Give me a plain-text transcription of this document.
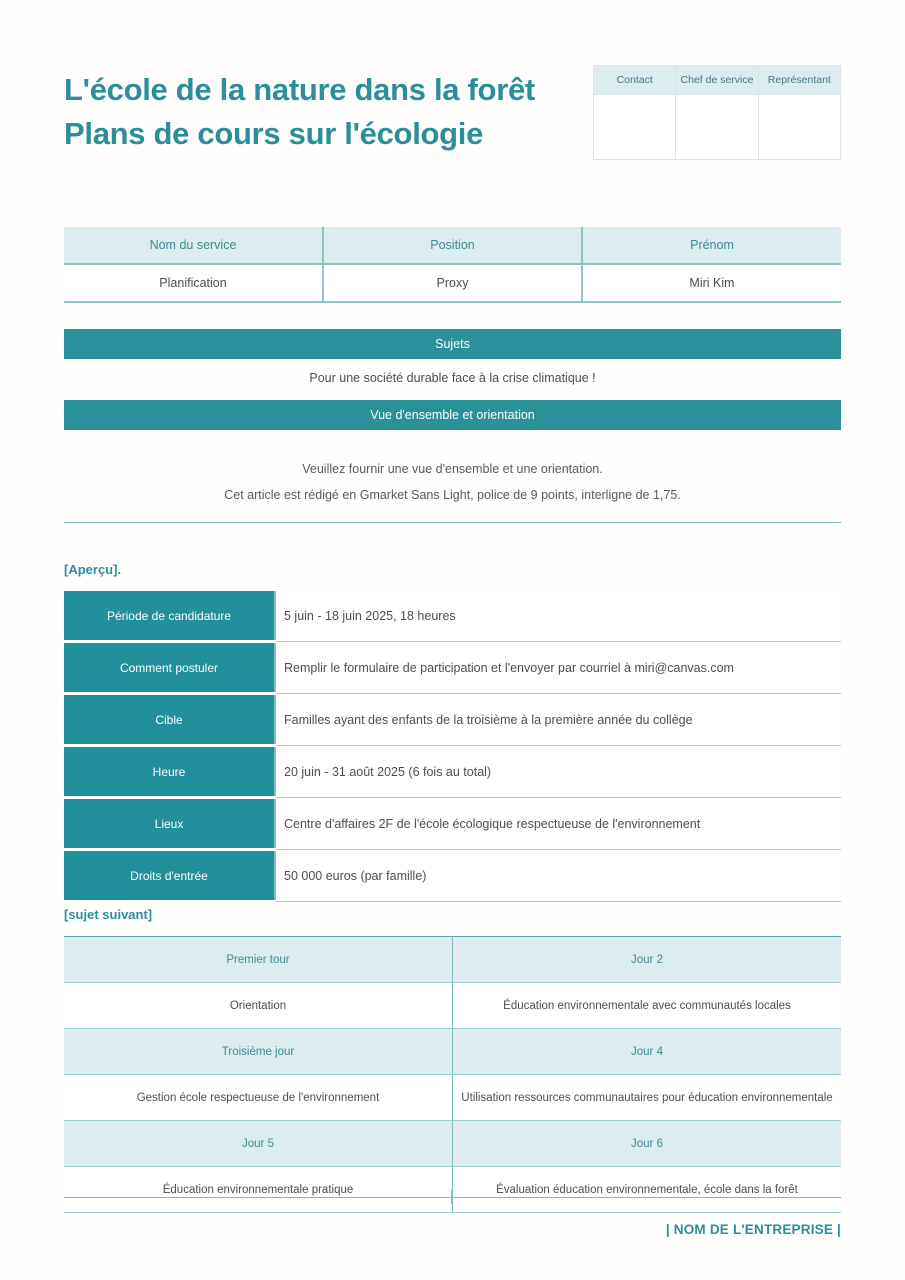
L'école de la nature dans la forêt
Plans de cours sur l'écologie
Contact	Chef de service	Représentant

Nom du service	Position	Prénom
Planification	Proxy	Miri Kim
Sujets
Pour une société durable face à la crise climatique !
Vue d'ensemble et orientation
Veuillez fournir une vue d'ensemble et une orientation.
Cet article est rédigé en Gmarket Sans Light, police de 9 points, interligne de 1,75.
[Aperçu].
Période de candidature	5 juin - 18 juin 2025, 18 heures
Comment postuler	Remplir le formulaire de participation et l'envoyer par courriel à miri@canvas.com
Cible	Familles ayant des enfants de la troisième à la première année du collège
Heure	20 juin - 31 août 2025 (6 fois au total)
Lieux	Centre d'affaires 2F de l'école écologique respectueuse de l'environnement
Droits d'entrée	50 000 euros (par famille)
[sujet suivant]
Premier tour	Jour 2
Orientation	Éducation environnementale avec communautés locales
Troisième jour	Jour 4
Gestion école respectueuse de l'environnement	Utilisation ressources communautaires pour éducation environnementale
Jour 5	Jour 6
Éducation environnementale pratique	Évaluation éducation environnementale, école dans la forêt
| NOM DE L'ENTREPRISE |
